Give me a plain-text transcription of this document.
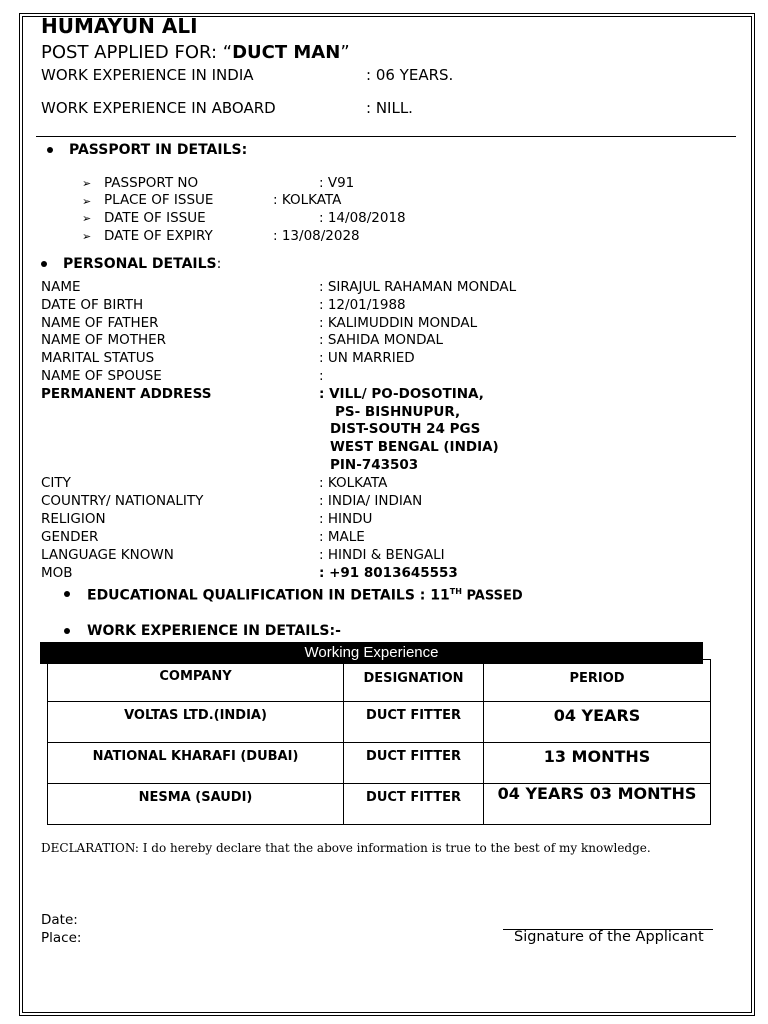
HUMAYUN ALI
POST APPLIED FOR: “DUCT MAN”
WORK EXPERIENCE IN INDIA	: 06 YEARS.
WORK EXPERIENCE IN ABOARD	: NILL.
PASSPORT IN DETAILS:
➢ PASSPORT NO	: V91
➢ PLACE OF ISSUE	: KOLKATA
➢ DATE OF ISSUE	: 14/08/2018
➢ DATE OF EXPIRY	: 13/08/2028
PERSONAL DETAILS:
NAME	: SIRAJUL RAHAMAN MONDAL
DATE OF BIRTH	: 12/01/1988
NAME OF FATHER	: KALIMUDDIN MONDAL
NAME OF MOTHER	: SAHIDA MONDAL
MARITAL STATUS	: UN MARRIED
NAME OF SPOUSE	:
PERMANENT ADDRESS	: VILL/ PO-DOSOTINA,
PS- BISHNUPUR,
DIST-SOUTH 24 PGS
WEST BENGAL (INDIA)
PIN-743503
CITY	: KOLKATA
COUNTRY/ NATIONALITY	: INDIA/ INDIAN
RELIGION	: HINDU
GENDER	: MALE
LANGUAGE KNOWN	: HINDI & BENGALI
MOB	: +91 8013645553
EDUCATIONAL QUALIFICATION IN DETAILS : 11TH PASSED
WORK EXPERIENCE IN DETAILS:-
COMPANY	DESIGNATION	PERIOD
VOLTAS LTD.(INDIA)	DUCT FITTER	04 YEARS
NATIONAL KHARAFI (DUBAI)	DUCT FITTER	13 MONTHS
NESMA (SAUDI)	DUCT FITTER	04 YEARS 03 MONTHS
Working Experience
DECLARATION: I do hereby declare that the above information is true to the best of my knowledge.
Date:
Place:	Signature of the Applicant
